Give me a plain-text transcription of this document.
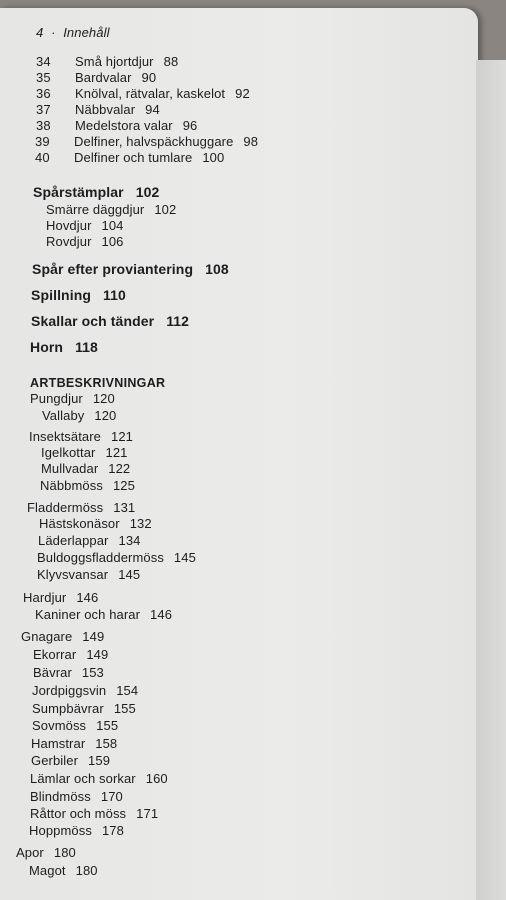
4 · Innehåll
34 Små hjortdjur 88
35 Bardvalar 90
36 Knölval, rätvalar, kaskelot 92
37 Näbbvalar 94
38 Medelstora valar 96
39 Delfiner, halvspäckhuggare 98
40 Delfiner och tumlare 100
Spårstämplar 102
Smärre däggdjur 102
Hovdjur 104
Rovdjur 106
Spår efter proviantering 108
Spillning 110
Skallar och tänder 112
Horn 118
ARTBESKRIVNINGAR
Pungdjur 120
Vallaby 120
Insektsätare 121
Igelkottar 121
Mullvadar 122
Näbbmöss 125
Fladdermöss 131
Hästskonäsor 132
Läderlappar 134
Buldoggsfladdermöss 145
Klyvsvansar 145
Hardjur 146
Kaniner och harar 146
Gnagare 149
Ekorrar 149
Bävrar 153
Jordpiggsvin 154
Sumpbävrar 155
Sovmöss 155
Hamstrar 158
Gerbiler 159
Lämlar och sorkar 160
Blindmöss 170
Råttor och möss 171
Hoppmöss 178
Apor 180
Magot 180
